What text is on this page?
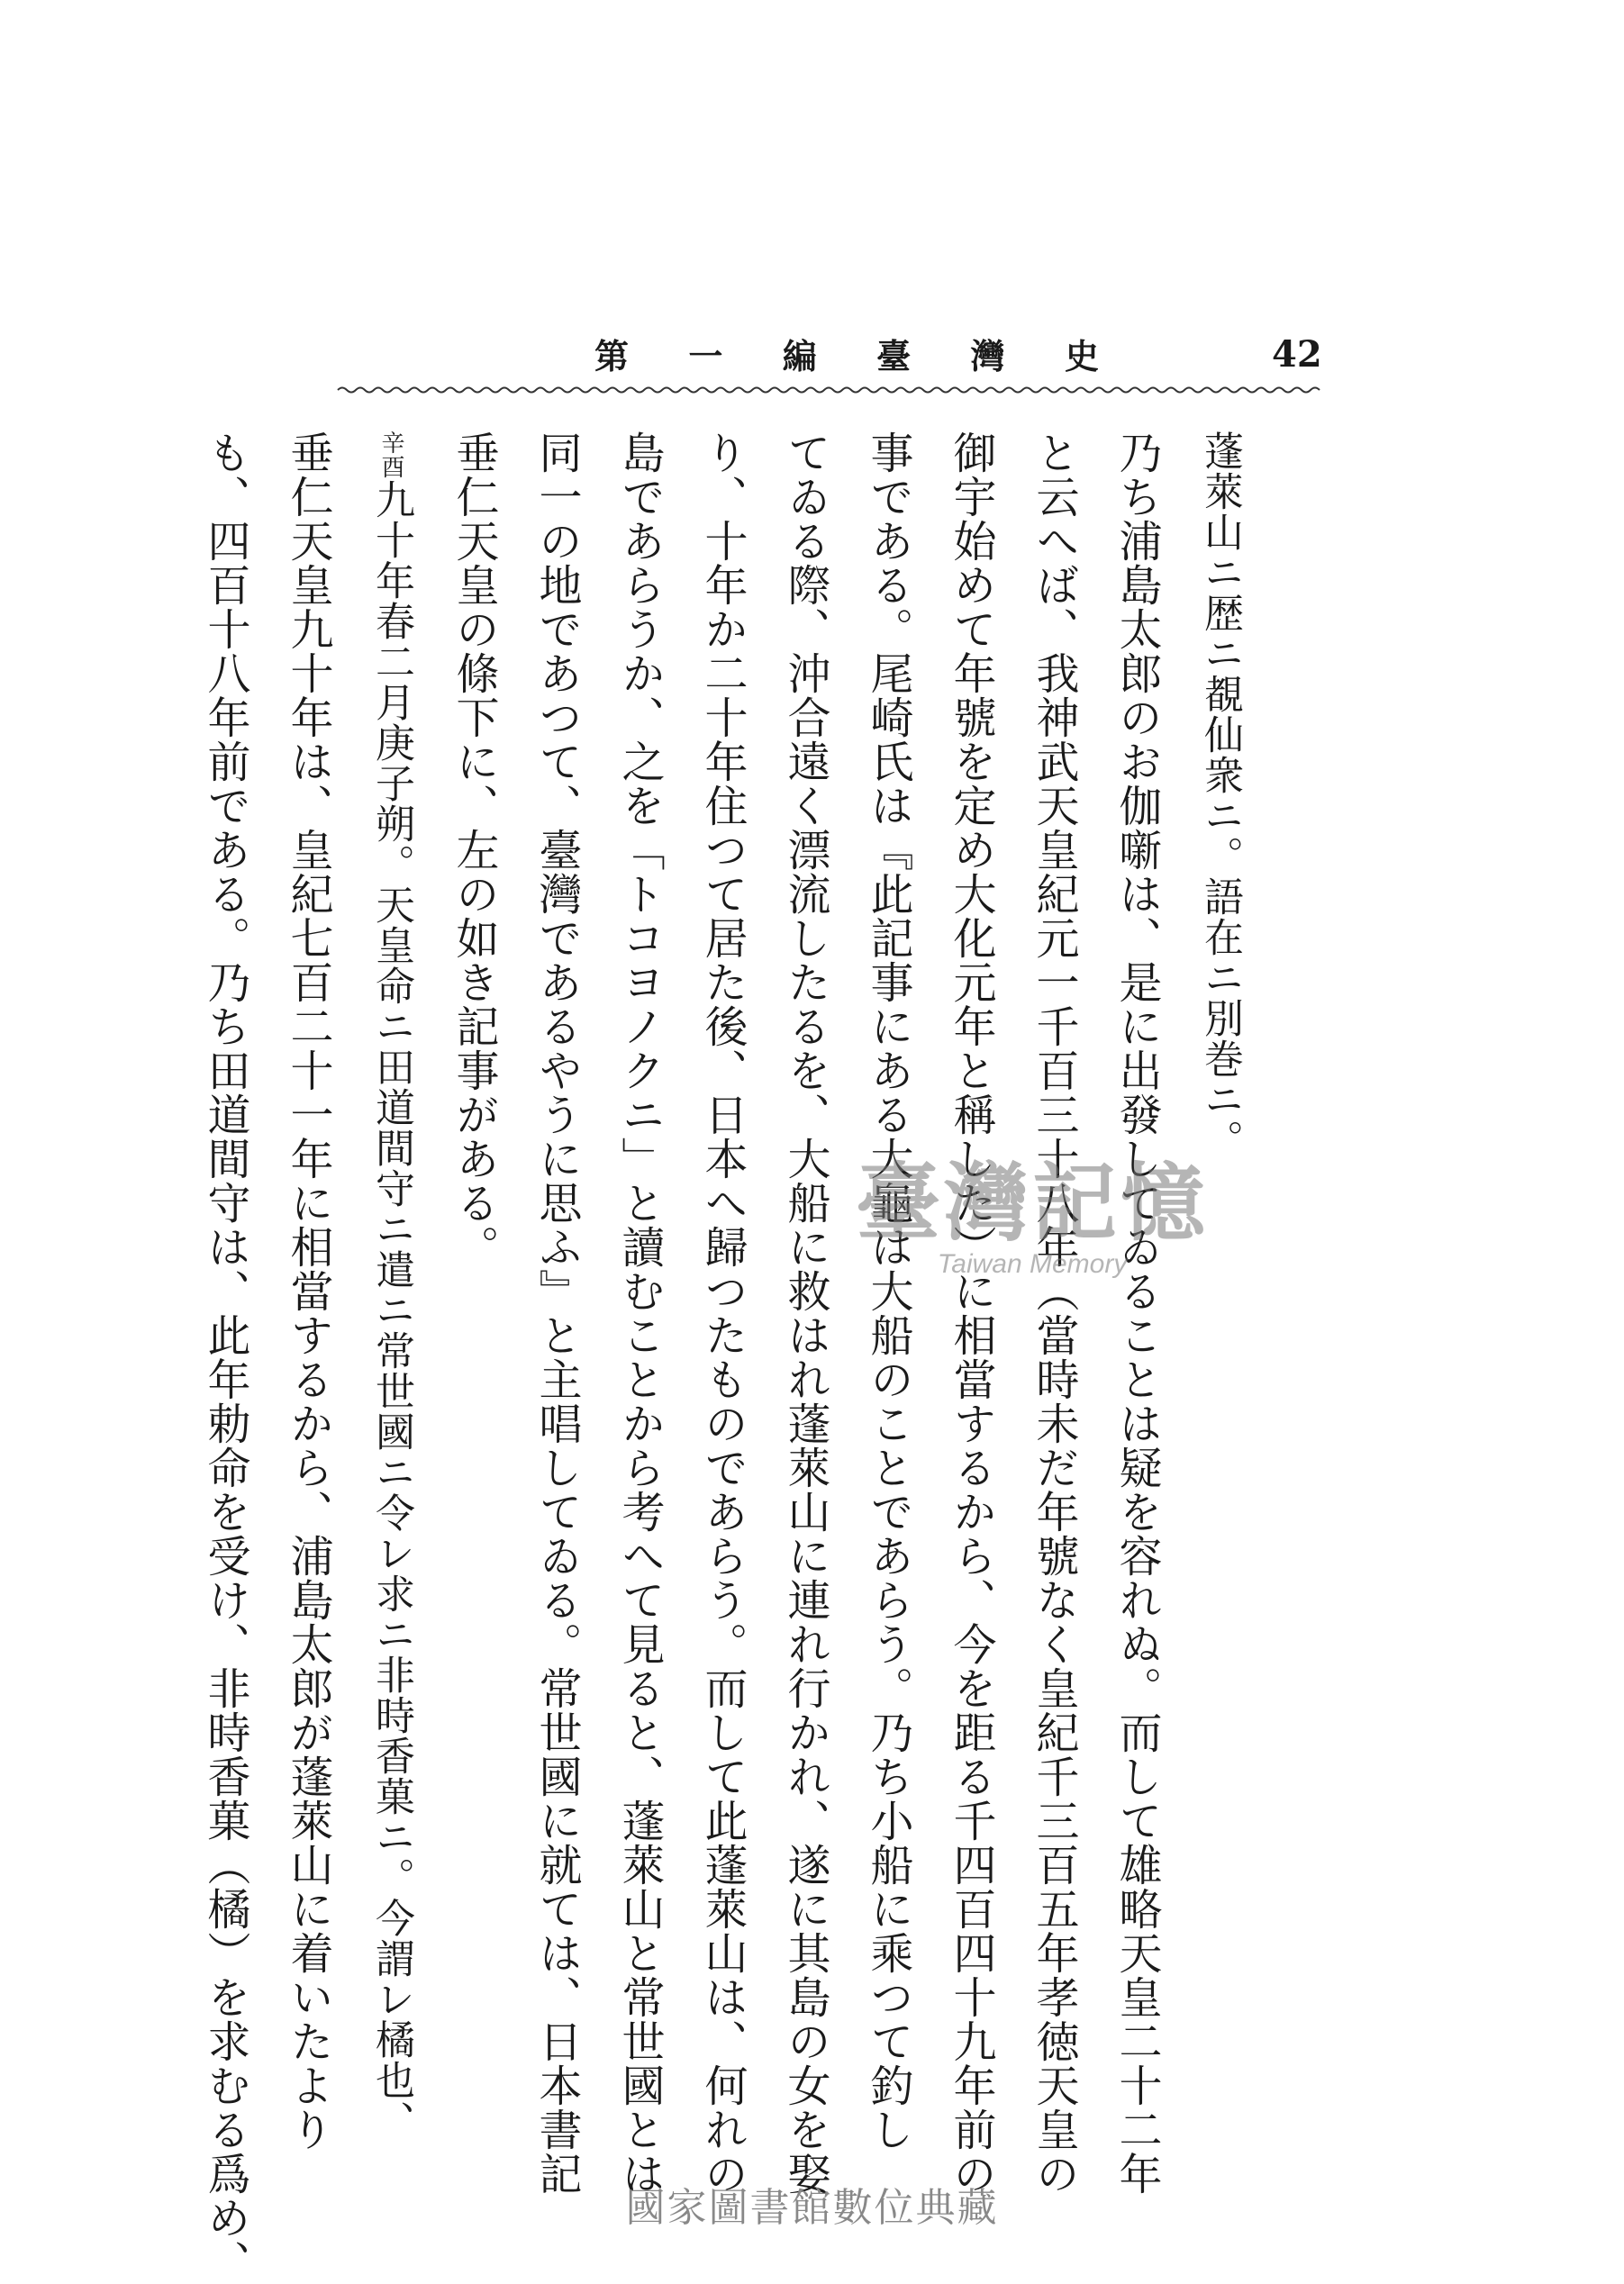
42
第 一 編 臺 灣 史
蓬萊山ニ歴ニ覩仙衆ニ。語在ニ別巻ニ。
乃ち浦島太郎のお伽噺は、是に出發してゐることは疑を容れぬ。而して雄略天皇二十二年
と云へば、我神武天皇紀元一千百三十八年（當時未だ年號なく皇紀千三百五年孝徳天皇の
御宇始めて年號を定め大化元年と稱した）に相當するから、今を距る千四百四十九年前の
事である。尾崎氏は『此記事にある大龜は大船のことであらう。乃ち小船に乘つて釣し
てゐる際、沖合遠く漂流したるを、大船に救はれ蓬萊山に連れ行かれ、遂に其島の女を娶
り、十年か二十年住つて居た後、日本へ歸つたものであらう。而して此蓬萊山は、何れの
島であらうか、之を「トコヨノクニ」と讀むことから考へて見ると、蓬萊山と常世國とは
同一の地であつて、臺灣であるやうに思ふ』と主唱してゐる。常世國に就ては、日本書記
垂仁天皇の條下に、左の如き記事がある。
辛酉九十年春二月庚子朔。天皇命ニ田道間守ニ遣ニ常世國ニ令レ求ニ非時香菓ニ。今謂レ橘也、
垂仁天皇九十年は、皇紀七百二十一年に相當するから、浦島太郎が蓬萊山に着いたより
も、四百十八年前である。乃ち田道間守は、此年勅命を受け、非時香菓（橘）を求むる爲め、	臺灣記憶
Taiwan Memory
國家圖書館數位典藏
